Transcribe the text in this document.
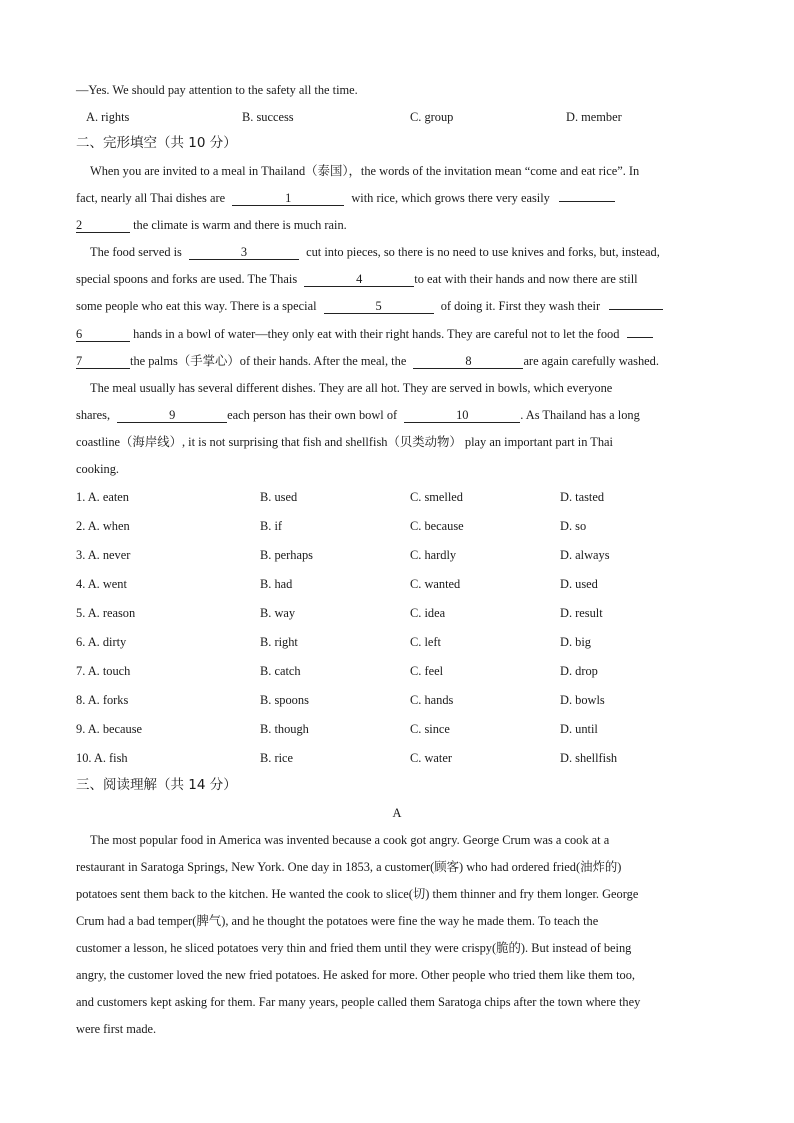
—Yes. We should pay attention to the safety all the time.
A. rights	B. success	C. group	D. member
二、完形填空（共 10 分）
When you are invited to a meal in Thailand（泰国），the words of the invitation mean “come and eat rice”. In
fact, nearly all Thai dishes are	1	with rice, which grows there very easily
2	the climate is warm and there is much rain.
The food served is	3	cut into pieces, so there is no need to use knives and forks, but, instead,
special spoons and forks are used. The Thais	4	to eat with their hands and now there are still
some people who eat this way. There is a special	5	of doing it. First they wash their
6	hands in a bowl of water—they only eat with their right hands. They are careful not to let the food
7	the palms（手掌心）of their hands. After the meal, the	8	are again carefully washed.
The meal usually has several different dishes. They are all hot. They are served in bowls, which everyone
shares,	9	each person has their own bowl of	10	. As Thailand has a long
coastline（海岸线）, it is not surprising that fish and shellfish（贝类动物） play an important part in Thai
cooking.
1. A. eaten	B. used	C. smelled	D. tasted
2. A. when	B. if	C. because	D. so
3. A. never	B. perhaps	C. hardly	D. always
4. A. went	B. had	C. wanted	D. used
5. A. reason	B. way	C. idea	D. result
6. A. dirty	B. right	C. left	D. big
7. A. touch	B. catch	C. feel	D. drop
8. A. forks	B. spoons	C. hands	D. bowls
9. A. because	B. though	C. since	D. until
10. A. fish	B. rice	C. water	D. shellfish
三、阅读理解（共 14 分）
A
The most popular food in America was invented because a cook got angry. George Crum was a cook at a
restaurant in Saratoga Springs, New York. One day in 1853, a customer(顾客) who had ordered fried(油炸的)
potatoes sent them back to the kitchen. He wanted the cook to slice(切) them thinner and fry them longer. George
Crum had a bad temper(脾气), and he thought the potatoes were fine the way he made them. To teach the
customer a lesson, he sliced potatoes very thin and fried them until they were crispy(脆的). But instead of being
angry, the customer loved the new fried potatoes. He asked for more. Other people who tried them like them too,
and customers kept asking for them. Far many years, people called them Saratoga chips after the town where they
were first made.
